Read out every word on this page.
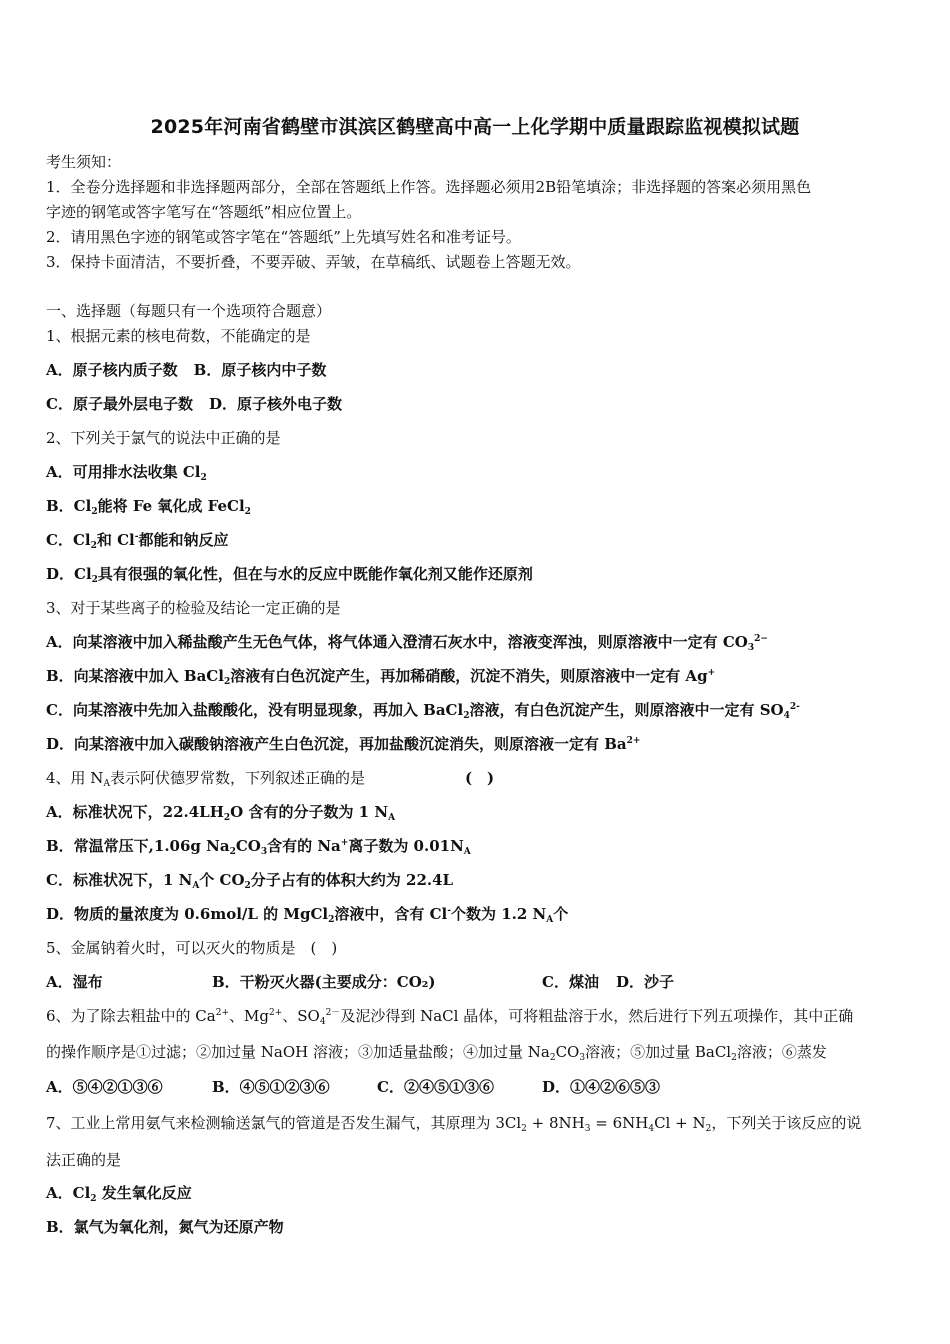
2025年河南省鹤壁市淇滨区鹤壁高中高一上化学期中质量跟踪监视模拟试题
考生须知：
1．全卷分选择题和非选择题两部分，全部在答题纸上作答。选择题必须用2B铅笔填涂；非选择题的答案必须用黑色
字迹的钢笔或答字笔写在“答题纸”相应位置上。
2．请用黑色字迹的钢笔或答字笔在“答题纸”上先填写姓名和准考证号。
3．保持卡面清洁，不要折叠，不要弄破、弄皱，在草稿纸、试题卷上答题无效。
一、选择题（每题只有一个选项符合题意）
1、根据元素的核电荷数，不能确定的是
A．原子核内质子数 B．原子核内中子数
C．原子最外层电子数 D．原子核外电子数
2、下列关于氯气的说法中正确的是
A．可用排水法收集 $Cl_2$
B．$Cl_2$能将 Fe 氧化成 FeCl$_2$
C．$Cl_2$和 Cl-都能和钠反应
D．$Cl_2$具有很强的氧化性，但在与水的反应中既能作氧化剂又能作还原剂
3、对于某些离子的检验及结论一定正确的是
A．向某溶液中加入稀盐酸产生无色气体，将气体通入澄清石灰水中，溶液变浑浊，则原溶液中一定有 $CO_3^{2-}$
B．向某溶液中加入 BaCl$_2$溶液有白色沉淀产生，再加稀硝酸，沉淀不消失，则原溶液中一定有 Ag+
C．向某溶液中先加入盐酸酸化，没有明显现象，再加入 BaCl$_2$溶液，有白色沉淀产生，则原溶液中一定有 $SO_4^{2-}$
D．向某溶液中加入碳酸钠溶液产生白色沉淀，再加盐酸沉淀消失，则原溶液一定有 $Ba^{2+}$
4、用 $N_A$表示阿伏德罗常数，下列叙述正确的是	(　)
A．标准状况下，$22.4LH_2O$ 含有的分子数为 1 $N_A$
B．常温常压下,1.06g $Na_2CO_3$含有的 Na+离子数为 $0.01N_A$
C．标准状况下，1 $N_A$个 $CO_2$分子占有的体积大约为 22.4L
D．物质的量浓度为 0.6mol/L 的 MgCl$_2$溶液中，含有 Cl-个数为 1.2 $N_A$个
5、金属钠着火时，可以灭火的物质是　(　)
A．湿布	B．干粉灭火器(主要成分：CO₂)	C．煤油 D．沙子
6、为了除去粗盐中的 $Ca^{2+}$、$Mg^{2+}$、$SO_4^{2-}$及泥沙得到 NaCl 晶体，可将粗盐溶于水，然后进行下列五项操作，其中正确
的操作顺序是①过滤；②加过量 NaOH 溶液；③加适量盐酸；④加过量 $Na_2CO_3$溶液；⑤加过量 BaCl$_2$溶液；⑥蒸发
A．⑤④②①③⑥	B．④⑤①②③⑥	C．②④⑤①③⑥	D．①④②⑥⑤③
7、工业上常用氨气来检测输送氯气的管道是否发生漏气，其原理为 $3Cl_2 + 8NH_3 = 6NH_4Cl + N_2$，下列关于该反应的说
法正确的是
A．$Cl_2$ 发生氧化反应
B．氯气为氧化剂，氮气为还原产物
